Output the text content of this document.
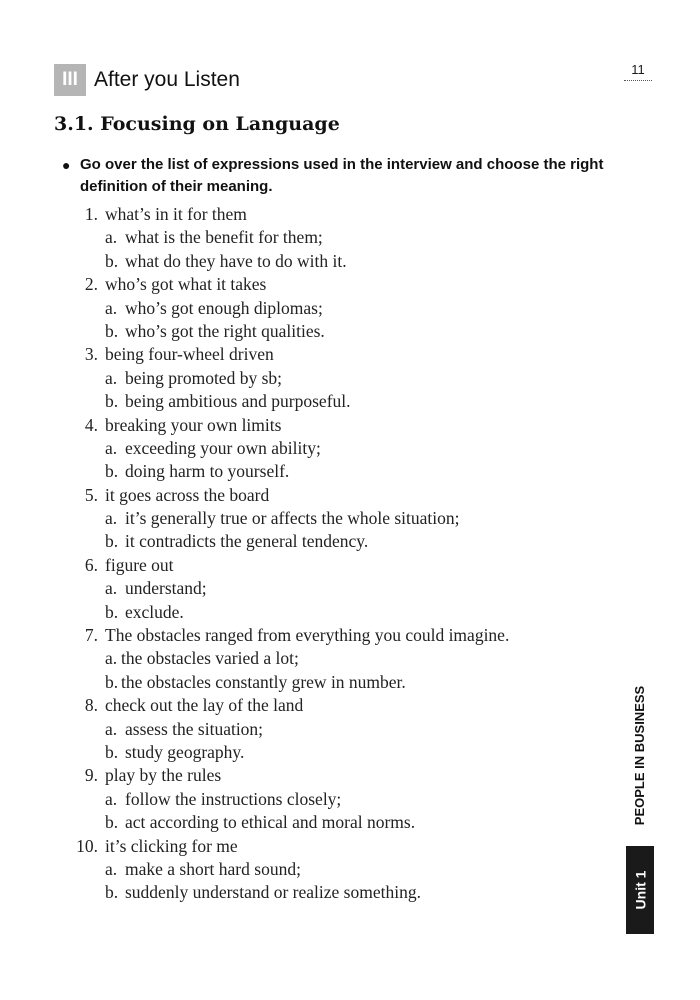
11
III After you Listen
3.1. Focusing on Language
● Go over the list of expressions used in the interview and choose the right definition of their meaning.
1. what’s in it for them
a. what is the benefit for them;
b. what do they have to do with it.
2. who’s got what it takes
a. who’s got enough diplomas;
b. who’s got the right qualities.
3. being four-wheel driven
a. being promoted by sb;
b. being ambitious and purposeful.
4. breaking your own limits
a. exceeding your own ability;
b. doing harm to yourself.
5. it goes across the board
a. it’s generally true or affects the whole situation;
b. it contradicts the general tendency.
6. figure out
a. understand;
b. exclude.
7. The obstacles ranged from everything you could imagine.
a. the obstacles varied a lot;
b. the obstacles constantly grew in number.
8. check out the lay of the land
a. assess the situation;
b. study geography.
9. play by the rules
a. follow the instructions closely;
b. act according to ethical and moral norms.
10. it’s clicking for me
a. make a short hard sound;
b. suddenly understand or realize something.
PEOPLE IN BUSINESS
Unit 1
